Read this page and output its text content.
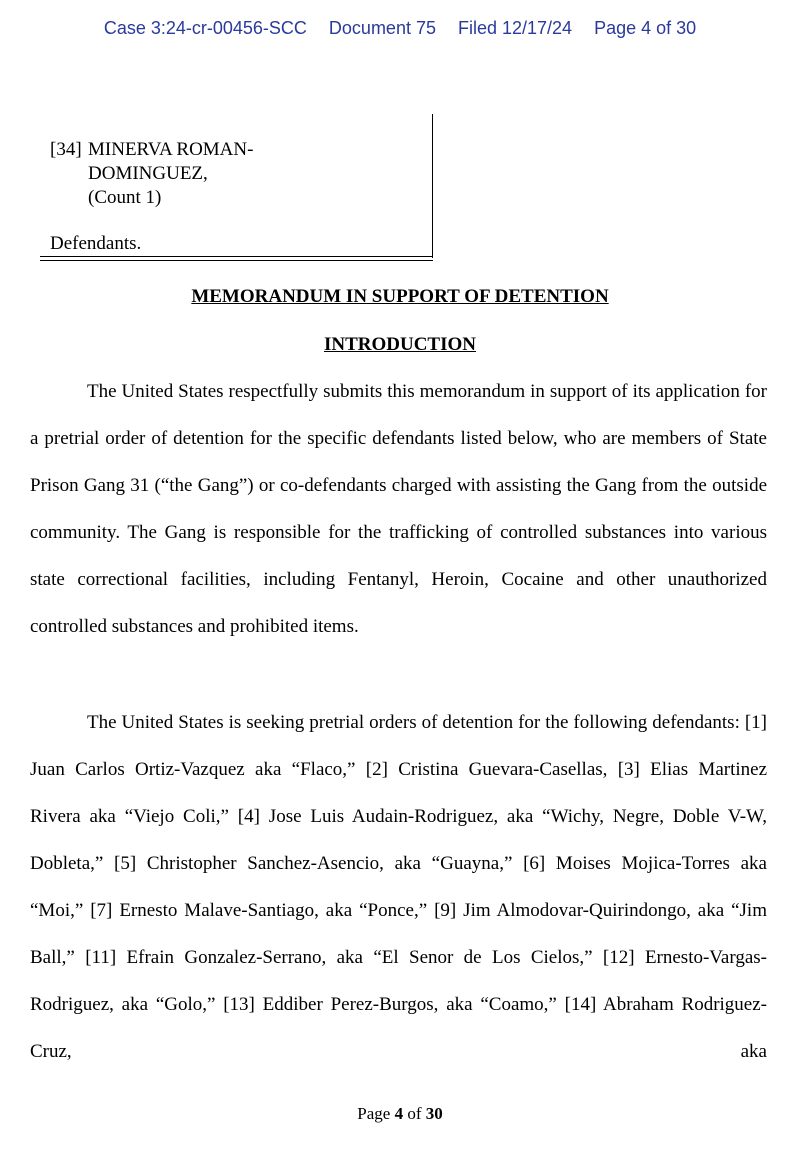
Case 3:24-cr-00456-SCC Document 75 Filed 12/17/24 Page 4 of 30
[34] MINERVA ROMAN-
DOMINGUEZ,
(Count 1)
Defendants.
MEMORANDUM IN SUPPORT OF DETENTION
INTRODUCTION
The United States respectfully submits this memorandum in support of its application for a pretrial order of detention for the specific defendants listed below, who are members of State Prison Gang 31 (“the Gang”) or co-defendants charged with assisting the Gang from the outside community. The Gang is responsible for the trafficking of controlled substances into various state correctional facilities, including Fentanyl, Heroin, Cocaine and other unauthorized controlled substances and prohibited items.
The United States is seeking pretrial orders of detention for the following defendants: [1] Juan Carlos Ortiz-Vazquez aka “Flaco,” [2] Cristina Guevara-Casellas, [3] Elias Martinez Rivera aka “Viejo Coli,” [4] Jose Luis Audain-Rodriguez, aka “Wichy, Negre, Doble V-W, Dobleta,” [5] Christopher Sanchez-Asencio, aka “Guayna,” [6] Moises Mojica-Torres aka “Moi,” [7] Ernesto Malave-Santiago, aka “Ponce,” [9] Jim Almodovar-Quirindongo, aka “Jim Ball,” [11] Efrain Gonzalez-Serrano, aka “El Senor de Los Cielos,” [12] Ernesto-Vargas-Rodriguez, aka “Golo,” [13] Eddiber Perez-Burgos, aka “Coamo,” [14] Abraham Rodriguez-Cruz, aka
Page 4 of 30
